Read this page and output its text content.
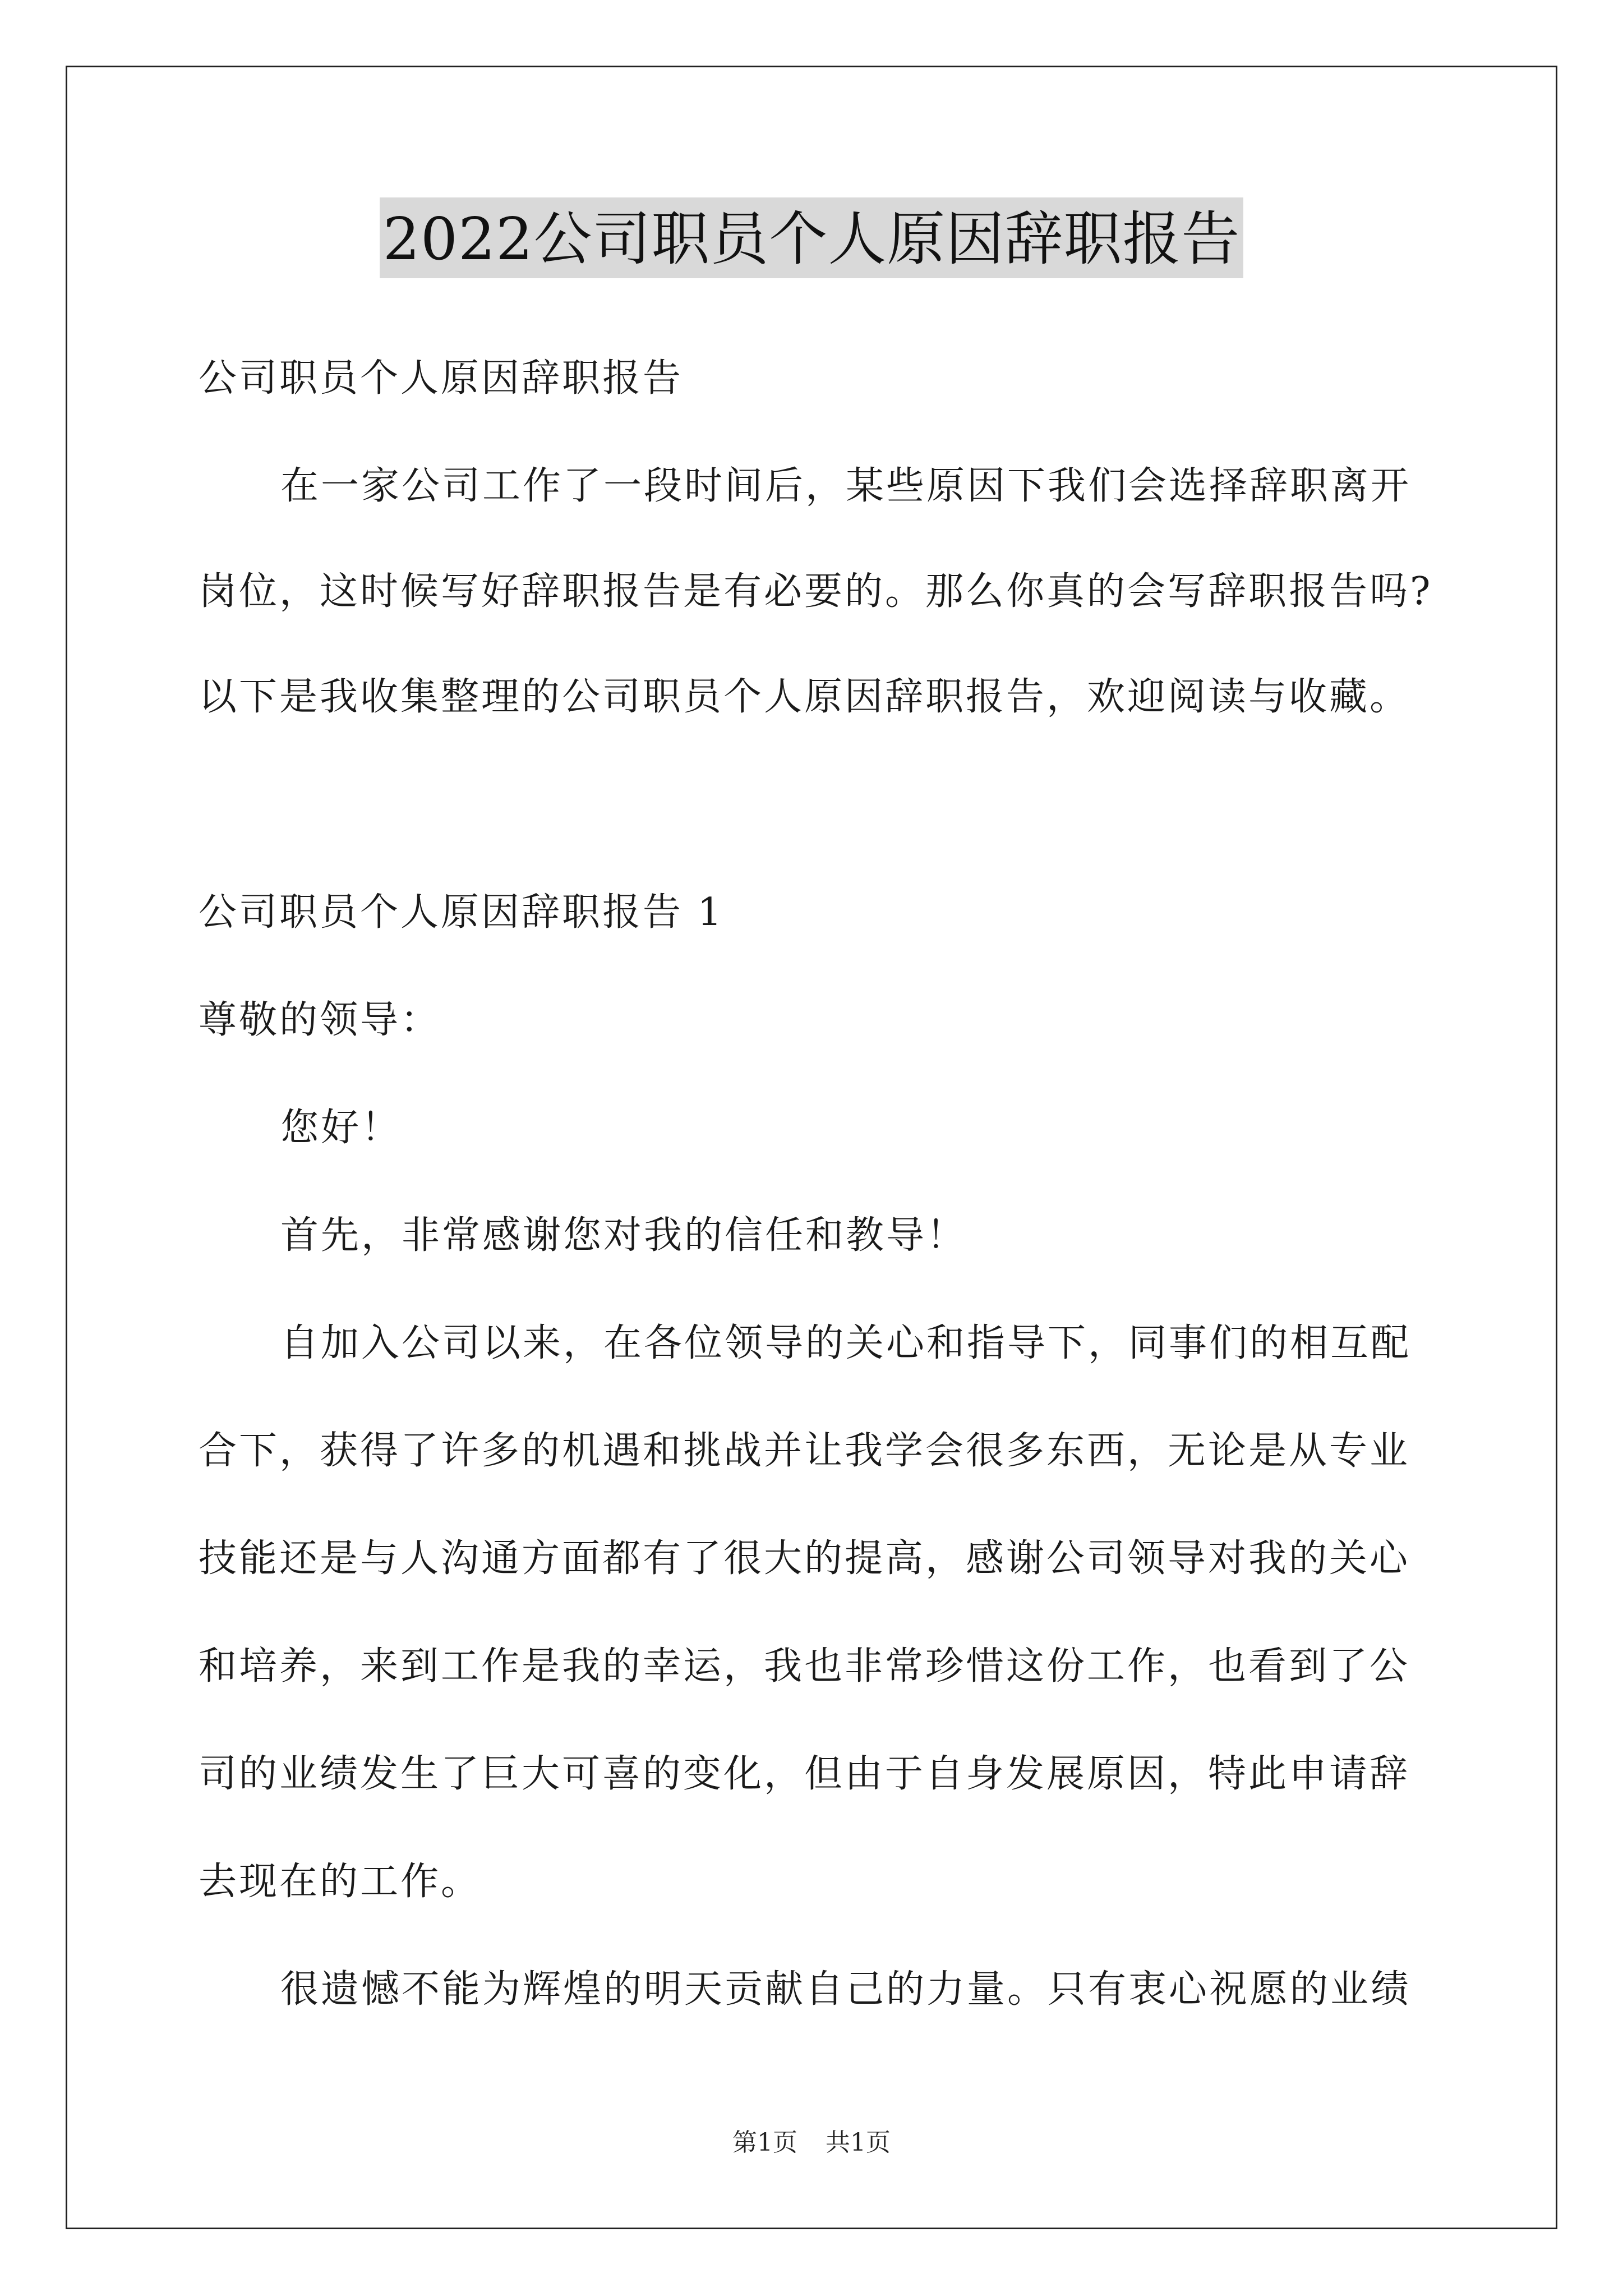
2022公司职员个人原因辞职报告
公司职员个人原因辞职报告
在一家公司工作了一段时间后，某些原因下我们会选择辞职离开
岗位，这时候写好辞职报告是有必要的。那么你真的会写辞职报告吗?
以下是我收集整理的公司职员个人原因辞职报告，欢迎阅读与收藏。
公司职员个人原因辞职报告 1
尊敬的领导：
您好！
首先，非常感谢您对我的信任和教导！
自加入公司以来，在各位领导的关心和指导下，同事们的相互配
合下，获得了许多的机遇和挑战并让我学会很多东西，无论是从专业
技能还是与人沟通方面都有了很大的提高，感谢公司领导对我的关心
和培养，来到工作是我的幸运，我也非常珍惜这份工作，也看到了公
司的业绩发生了巨大可喜的变化，但由于自身发展原因，特此申请辞
去现在的工作。
很遗憾不能为辉煌的明天贡献自己的力量。只有衷心祝愿的业绩
第1页 共1页
